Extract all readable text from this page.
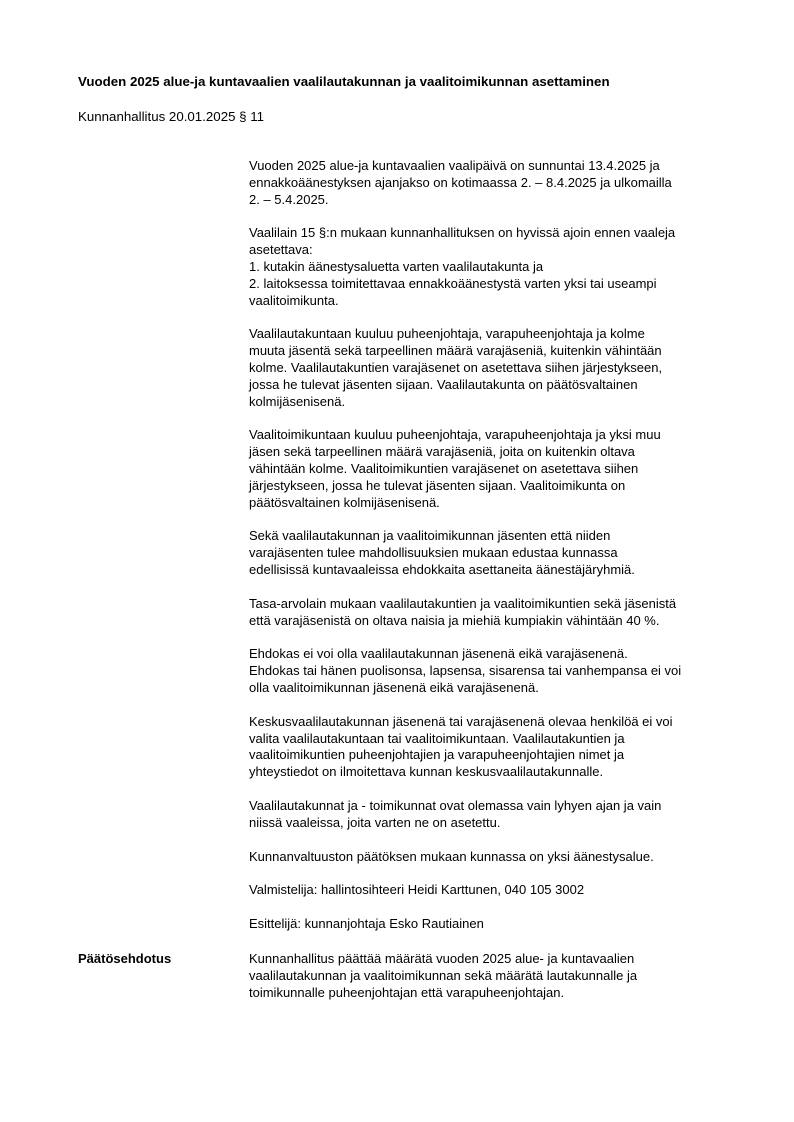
Vuoden 2025 alue-ja kuntavaalien vaalilautakunnan ja vaalitoimikunnan asettaminen
Kunnanhallitus 20.01.2025 § 11

Vuoden 2025 alue-ja kuntavaalien vaalipäivä on sunnuntai 13.4.2025 ja
ennakkoäänestyksen ajanjakso on kotimaassa 2. – 8.4.2025 ja ulkomailla
2. – 5.4.2025.

Vaalilain 15 §:n mukaan kunnanhallituksen on hyvissä ajoin ennen vaaleja
asetettava:
1. kutakin äänestysaluetta varten vaalilautakunta ja
2. laitoksessa toimitettavaa ennakkoäänestystä varten yksi tai useampi
vaalitoimikunta.

Vaalilautakuntaan kuuluu puheenjohtaja, varapuheenjohtaja ja kolme
muuta jäsentä sekä tarpeellinen määrä varajäseniä, kuitenkin vähintään
kolme. Vaalilautakuntien varajäsenet on asetettava siihen järjestykseen,
jossa he tulevat jäsenten sijaan. Vaalilautakunta on päätösvaltainen
kolmijäsenisenä.

Vaalitoimikuntaan kuuluu puheenjohtaja, varapuheenjohtaja ja yksi muu
jäsen sekä tarpeellinen määrä varajäseniä, joita on kuitenkin oltava
vähintään kolme. Vaalitoimikuntien varajäsenet on asetettava siihen
järjestykseen, jossa he tulevat jäsenten sijaan. Vaalitoimikunta on
päätösvaltainen kolmijäsenisenä.

Sekä vaalilautakunnan ja vaalitoimikunnan jäsenten että niiden
varajäsenten tulee mahdollisuuksien mukaan edustaa kunnassa
edellisissä kuntavaaleissa ehdokkaita asettaneita äänestäjäryhmiä.

Tasa-arvolain mukaan vaalilautakuntien ja vaalitoimikuntien sekä jäsenistä
että varajäsenistä on oltava naisia ja miehiä kumpiakin vähintään 40 %.

Ehdokas ei voi olla vaalilautakunnan jäsenenä eikä varajäsenenä.
Ehdokas tai hänen puolisonsa, lapsensa, sisarensa tai vanhempansa ei voi
olla vaalitoimikunnan jäsenenä eikä varajäsenenä.

Keskusvaalilautakunnan jäsenenä tai varajäsenenä olevaa henkilöä ei voi
valita vaalilautakuntaan tai vaalitoimikuntaan. Vaalilautakuntien ja
vaalitoimikuntien puheenjohtajien ja varapuheenjohtajien nimet ja
yhteystiedot on ilmoitettava kunnan keskusvaalilautakunnalle.

Vaalilautakunnat ja - toimikunnat ovat olemassa vain lyhyen ajan ja vain
niissä vaaleissa, joita varten ne on asetettu.

Kunnanvaltuuston päätöksen mukaan kunnassa on yksi äänestysalue.

Valmistelija: hallintosihteeri Heidi Karttunen, 040 105 3002

Esittelijä: kunnanjohtaja Esko Rautiainen

Päätösehdotus	Kunnanhallitus päättää määrätä vuoden 2025 alue- ja kuntavaalien
vaalilautakunnan ja vaalitoimikunnan sekä määrätä lautakunnalle ja
toimikunnalle puheenjohtajan että varapuheenjohtajan.
